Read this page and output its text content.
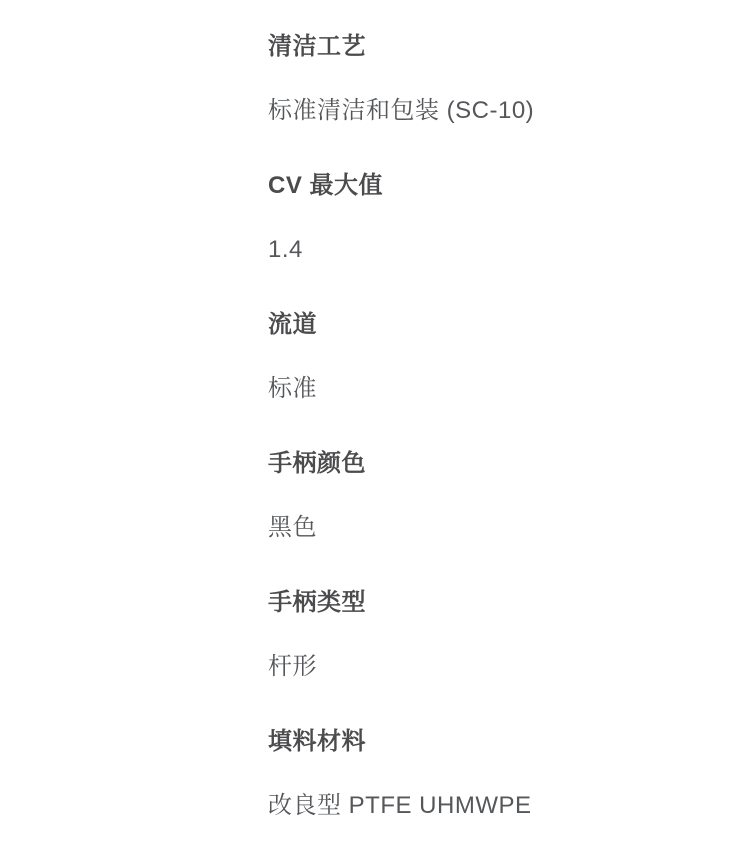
清洁工艺
标准清洁和包装 (SC-10)
CV 最大值
1.4
流道
标准
手柄颜色
黑色
手柄类型
杆形
填料材料
改良型 PTFE UHMWPE
